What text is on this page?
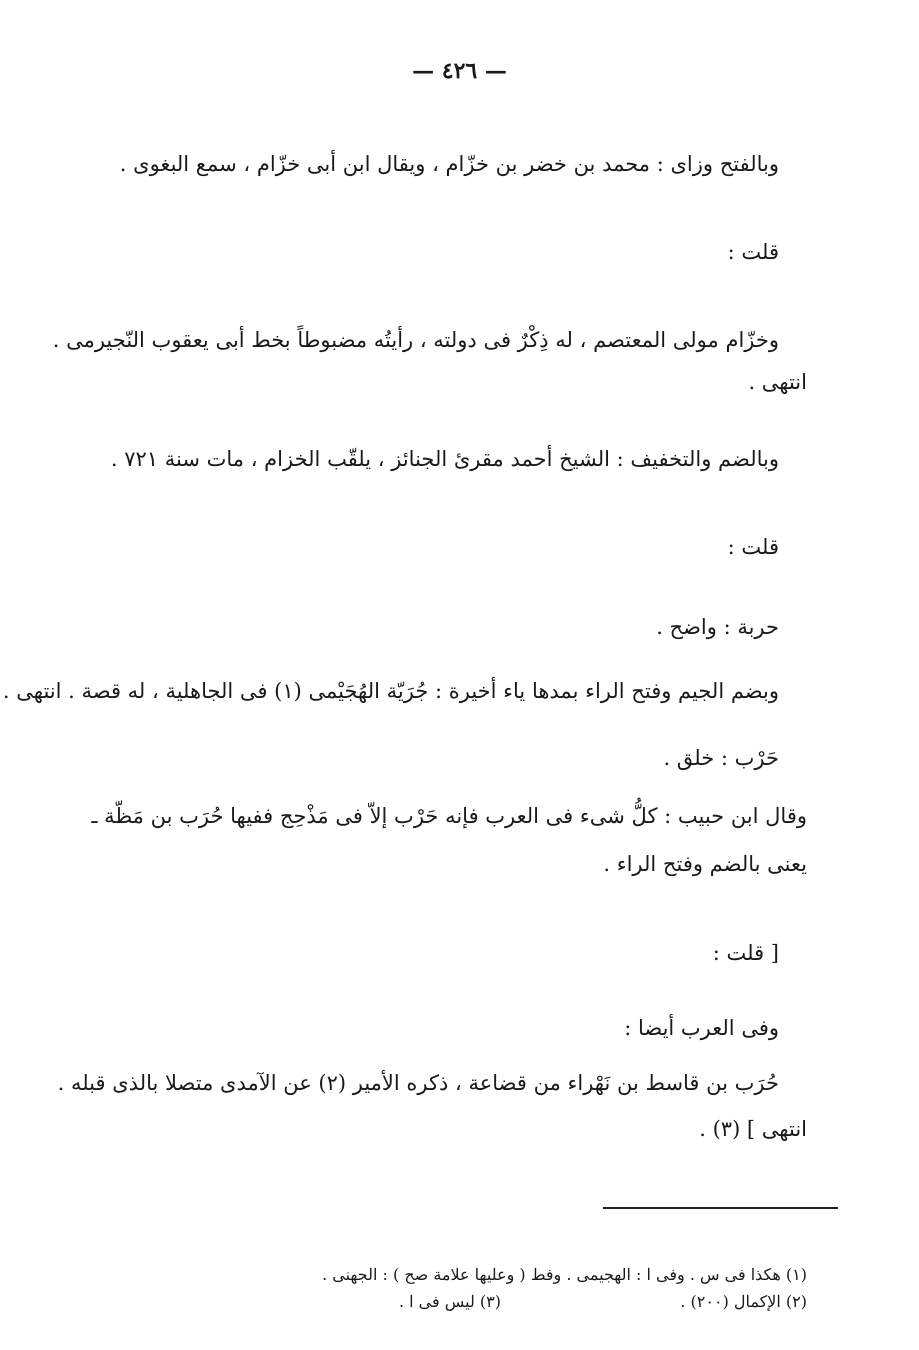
— ٤٢٦ —
وبالفتح وزاى : محمد بن خضر بن خزّام ، ويقال ابن أبى خزّام ، سمع البغوى .
قلت :
وخزّام مولى المعتصم ، له ذِكْرٌ فى دولته ، رأيتُه مضبوطاً بخط أبى يعقوب النّجيرمى .
انتهى .
وبالضم والتخفيف : الشيخ أحمد مقرئ الجنائز ، يلقّب الخزام ، مات سنة ٧٢١ .
قلت :
حربة : واضح .
وبضم الجيم وفتح الراء بمدها ياء أخيرة : جُرَيّة الهُجَيْمى (١) فى الجاهلية ، له قصة . انتهى .
حَرْب : خلق .
وقال ابن حبيب : كلُّ شىء فى العرب فإنه حَرْب إلاّ فى مَذْحِج ففيها حُرَب بن مَظّة ـ
يعنى بالضم وفتح الراء .
[ قلت :
وفى العرب أيضا :
حُرَب بن قاسط بن نَهْراء من قضاعة ، ذكره الأمير (٢) عن الآمدى متصلا بالذى قبله .
انتهى ] (٣) .
(١) هكذا فى س . وفى ا : الهجيمى . وفط ( وعليها علامة صح ) : الجهنى .
(٢) الإكمال (٢٠٠) .
(٣) ليس فى ا .
